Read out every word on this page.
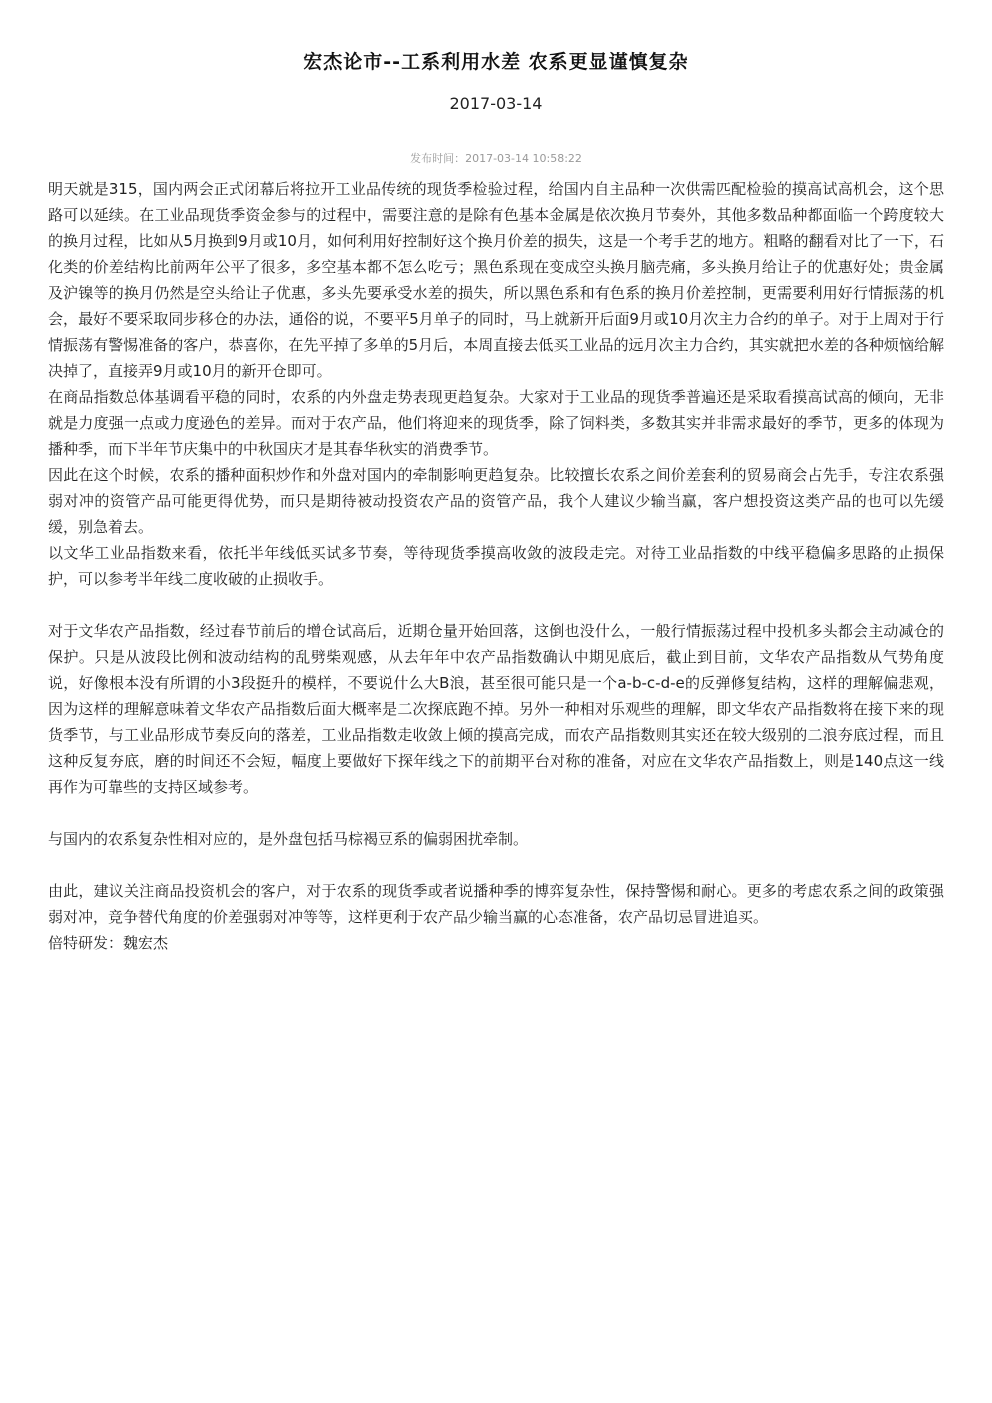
宏杰论市--工系利用水差 农系更显谨慎复杂
2017-03-14
发布时间：2017-03-14 10:58:22

明天就是315，国内两会正式闭幕后将拉开工业品传统的现货季检验过程，给国内自主品种一次供需匹配检验的摸高试高机会，这个思路可以延续。在工业品现货季资金参与的过程中，需要注意的是除有色基本金属是依次换月节奏外，其他多数品种都面临一个跨度较大的换月过程，比如从5月换到9月或10月，如何利用好控制好这个换月价差的损失，这是一个考手艺的地方。粗略的翻看对比了一下，石化类的价差结构比前两年公平了很多，多空基本都不怎么吃亏；黑色系现在变成空头换月脑壳痛，多头换月给让子的优惠好处；贵金属及沪镍等的换月仍然是空头给让子优惠，多头先要承受水差的损失，所以黑色系和有色系的换月价差控制，更需要利用好行情振荡的机会，最好不要采取同步移仓的办法，通俗的说，不要平5月单子的同时，马上就新开后面9月或10月次主力合约的单子。对于上周对于行情振荡有警惕准备的客户，恭喜你，在先平掉了多单的5月后，本周直接去低买工业品的远月次主力合约，其实就把水差的各种烦恼给解决掉了，直接弄9月或10月的新开仓即可。

在商品指数总体基调看平稳的同时，农系的内外盘走势表现更趋复杂。大家对于工业品的现货季普遍还是采取看摸高试高的倾向，无非就是力度强一点或力度逊色的差异。而对于农产品，他们将迎来的现货季，除了饲料类，多数其实并非需求最好的季节，更多的体现为播种季，而下半年节庆集中的中秋国庆才是其春华秋实的消费季节。

因此在这个时候，农系的播种面积炒作和外盘对国内的牵制影响更趋复杂。比较擅长农系之间价差套利的贸易商会占先手，专注农系强弱对冲的资管产品可能更得优势，而只是期待被动投资农产品的资管产品，我个人建议少输当赢，客户想投资这类产品的也可以先缓缓，别急着去。

以文华工业品指数来看，依托半年线低买试多节奏，等待现货季摸高收敛的波段走完。对待工业品指数的中线平稳偏多思路的止损保护，可以参考半年线二度收破的止损收手。

对于文华农产品指数，经过春节前后的增仓试高后，近期仓量开始回落，这倒也没什么，一般行情振荡过程中投机多头都会主动减仓的保护。只是从波段比例和波动结构的乱劈柴观感，从去年年中农产品指数确认中期见底后，截止到目前，文华农产品指数从气势角度说，好像根本没有所谓的小3段挺升的模样，不要说什么大B浪，甚至很可能只是一个a-b-c-d-e的反弹修复结构，这样的理解偏悲观，因为这样的理解意味着文华农产品指数后面大概率是二次探底跑不掉。另外一种相对乐观些的理解，即文华农产品指数将在接下来的现货季节，与工业品形成节奏反向的落差，工业品指数走收敛上倾的摸高完成，而农产品指数则其实还在较大级别的二浪夯底过程，而且这种反复夯底，磨的时间还不会短，幅度上要做好下探年线之下的前期平台对称的准备，对应在文华农产品指数上，则是140点这一线再作为可靠些的支持区域参考。

与国内的农系复杂性相对应的，是外盘包括马棕褐豆系的偏弱困扰牵制。

由此，建议关注商品投资机会的客户，对于农系的现货季或者说播种季的博弈复杂性，保持警惕和耐心。更多的考虑农系之间的政策强弱对冲，竞争替代角度的价差强弱对冲等等，这样更利于农产品少输当赢的心态准备，农产品切忌冒进追买。

倍特研发：魏宏杰
